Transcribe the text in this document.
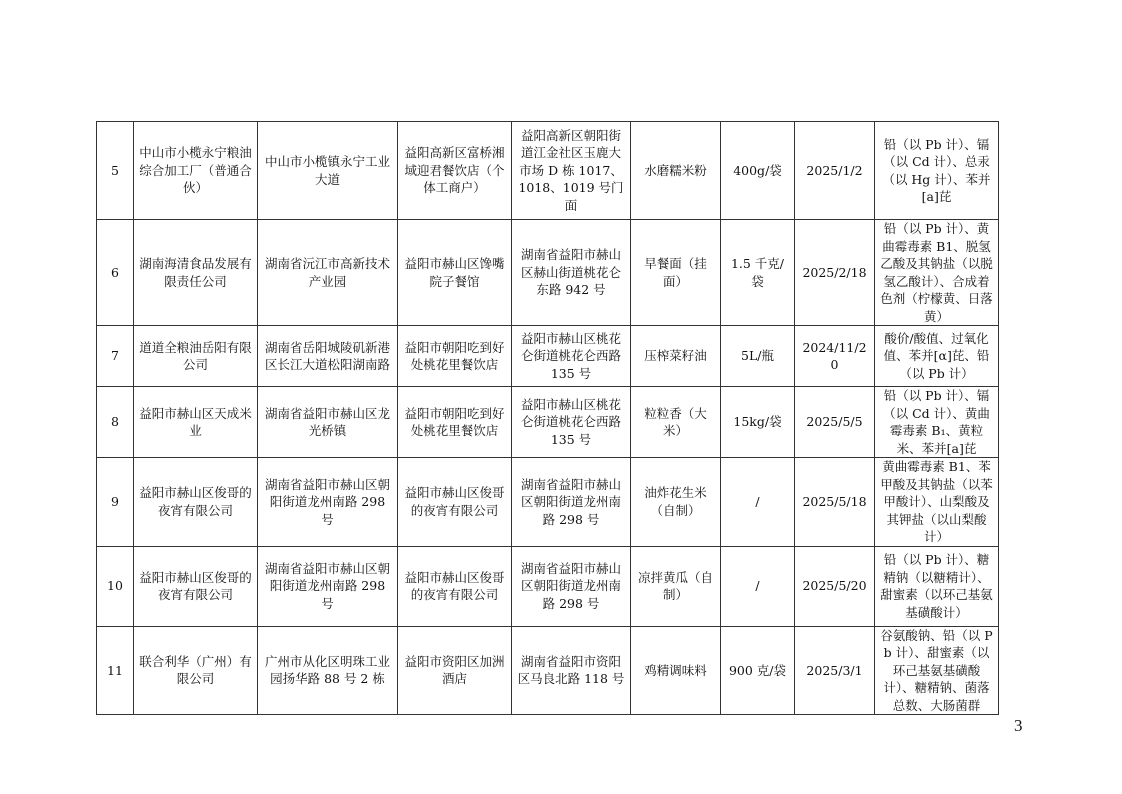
5	中山市小榄永宁粮油综合加工厂（普通合伙）	中山市小榄镇永宁工业大道	益阳高新区富桥湘域迎君餐饮店（个体工商户）	益阳高新区朝阳街道江金社区玉鹿大市场 D 栋 1017、1018、1019 号门面	水磨糯米粉	400g/袋	2025/1/2	铅（以 Pb 计）、镉（以 Cd 计）、总汞（以 Hg 计）、苯并[a]芘
6	湖南海清食品发展有限责任公司	湖南省沅江市高新技术产业园	益阳市赫山区馋嘴院子餐馆	湖南省益阳市赫山区赫山街道桃花仑东路 942 号	早餐面（挂面）	1.5 千克/袋	2025/2/18	铅（以 Pb 计）、黄曲霉毒素 B1、脱氢乙酸及其钠盐（以脱氢乙酸计）、合成着色剂（柠檬黄、日落黄）
7	道道全粮油岳阳有限公司	湖南省岳阳城陵矶新港区长江大道松阳湖南路	益阳市朝阳吃到好处桃花里餐饮店	益阳市赫山区桃花仑街道桃花仑西路 135 号	压榨菜籽油	5L/瓶	2024/11/20	酸价/酸值、过氧化值、苯并[α]芘、铅（以 Pb 计）
8	益阳市赫山区天成米业	湖南省益阳市赫山区龙光桥镇	益阳市朝阳吃到好处桃花里餐饮店	益阳市赫山区桃花仑街道桃花仑西路 135 号	粒粒香（大米）	15kg/袋	2025/5/5	铅（以 Pb 计）、镉（以 Cd 计）、黄曲霉毒素 B₁、黄粒米、苯并[a]芘
9	益阳市赫山区俊哥的夜宵有限公司	湖南省益阳市赫山区朝阳街道龙州南路 298 号	益阳市赫山区俊哥的夜宵有限公司	湖南省益阳市赫山区朝阳街道龙州南路 298 号	油炸花生米（自制）	/	2025/5/18	黄曲霉毒素 B1、苯甲酸及其钠盐（以苯甲酸计）、山梨酸及其钾盐（以山梨酸计）
10	益阳市赫山区俊哥的夜宵有限公司	湖南省益阳市赫山区朝阳街道龙州南路 298 号	益阳市赫山区俊哥的夜宵有限公司	湖南省益阳市赫山区朝阳街道龙州南路 298 号	凉拌黄瓜（自制）	/	2025/5/20	铅（以 Pb 计）、糖精钠（以糖精计）、甜蜜素（以环己基氨基磺酸计）
11	联合利华（广州）有限公司	广州市从化区明珠工业园扬华路 88 号 2 栋	益阳市资阳区加洲酒店	湖南省益阳市资阳区马良北路 118 号	鸡精调味料	900 克/袋	2025/3/1	谷氨酸钠、铅（以 Pb 计）、甜蜜素（以环己基氨基磺酸计）、糖精钠、菌落总数、大肠菌群
3
